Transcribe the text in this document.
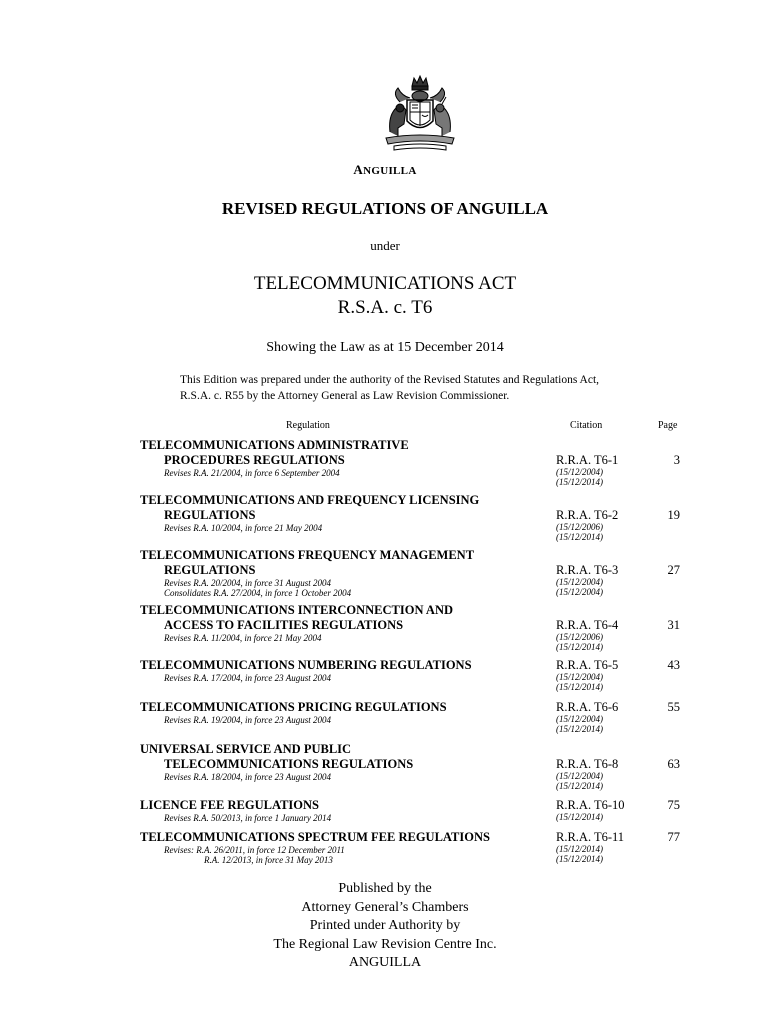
ANGUILLA
REVISED REGULATIONS OF ANGUILLA
under
TELECOMMUNICATIONS ACT
R.S.A. c. T6
Showing the Law as at 15 December 2014
This Edition was prepared under the authority of the Revised Statutes and Regulations Act,
R.S.A. c. R55 by the Attorney General as Law Revision Commissioner.
Regulation	Citation	Page
TELECOMMUNICATIONS ADMINISTRATIVE
PROCEDURES REGULATIONS
Revises R.A. 21/2004, in force 6 September 2004
R.R.A. T6-1
(15/12/2004)
(15/12/2014)
3
TELECOMMUNICATIONS AND FREQUENCY LICENSING
REGULATIONS
Revises R.A. 10/2004, in force 21 May 2004
R.R.A. T6-2
(15/12/2006)
(15/12/2014)
19
TELECOMMUNICATIONS FREQUENCY MANAGEMENT
REGULATIONS
Revises R.A. 20/2004, in force 31 August 2004
Consolidates R.A. 27/2004, in force 1 October 2004
R.R.A. T6-3
(15/12/2004)
(15/12/2004)
27
TELECOMMUNICATIONS INTERCONNECTION AND
ACCESS TO FACILITIES REGULATIONS
Revises R.A. 11/2004, in force 21 May 2004
R.R.A. T6-4
(15/12/2006)
(15/12/2014)
31
TELECOMMUNICATIONS NUMBERING REGULATIONS
Revises R.A. 17/2004, in force 23 August 2004
R.R.A. T6-5
(15/12/2004)
(15/12/2014)
43
TELECOMMUNICATIONS PRICING REGULATIONS
Revises R.A. 19/2004, in force 23 August 2004
R.R.A. T6-6
(15/12/2004)
(15/12/2014)
55
UNIVERSAL SERVICE AND PUBLIC
TELECOMMUNICATIONS REGULATIONS
Revises R.A. 18/2004, in force 23 August 2004
R.R.A. T6-8
(15/12/2004)
(15/12/2014)
63
LICENCE FEE REGULATIONS
Revises R.A. 50/2013, in force 1 January 2014
R.R.A. T6-10
(15/12/2014)
75
TELECOMMUNICATIONS SPECTRUM FEE REGULATIONS
Revises: R.A. 26/2011, in force 12 December 2011
R.A. 12/2013, in force 31 May 2013
R.R.A. T6-11
(15/12/2014)
(15/12/2014)
77
Published by the
Attorney General’s Chambers
Printed under Authority by
The Regional Law Revision Centre Inc.
ANGUILLA
